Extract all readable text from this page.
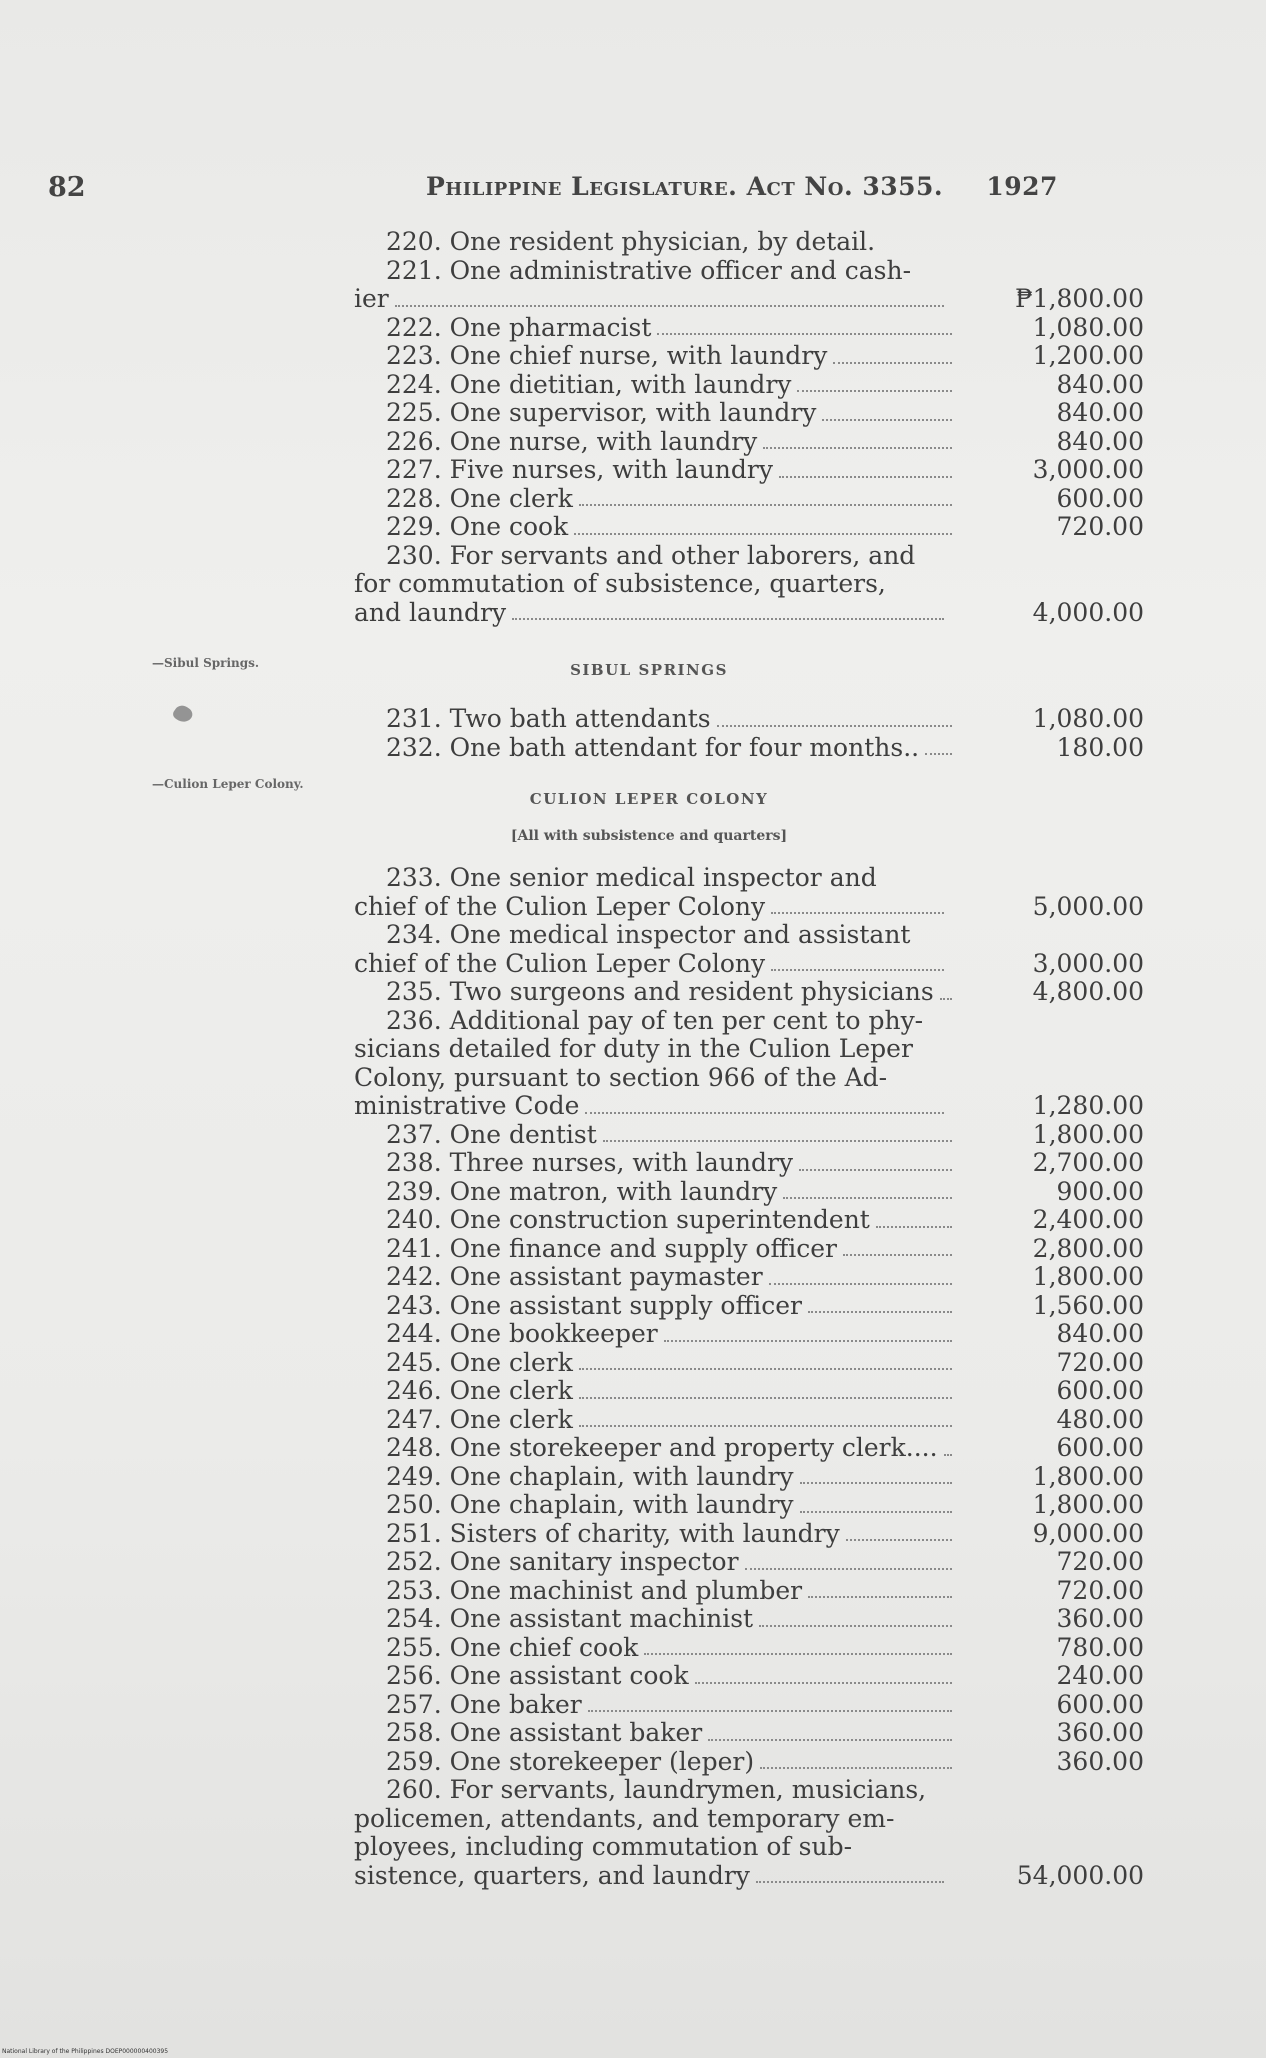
82	Philippine Legislature. Act No. 3355. 1927
—Sibul Springs.
—Culion Leper Colony.
220. One resident physician, by detail.
221. One administrative officer and cash-
ier	₱1,800.00
222. One pharmacist	1,080.00
223. One chief nurse, with laundry	1,200.00
224. One dietitian, with laundry	840.00
225. One supervisor, with laundry	840.00
226. One nurse, with laundry	840.00
227. Five nurses, with laundry	3,000.00
228. One clerk	600.00
229. One cook	720.00
230. For servants and other laborers, and
for commutation of subsistence, quarters,
and laundry	4,000.00
SIBUL SPRINGS
231. Two bath attendants	1,080.00
232. One bath attendant for four months..	180.00
CULION LEPER COLONY
[All with subsistence and quarters]
233. One senior medical inspector and
chief of the Culion Leper Colony	5,000.00
234. One medical inspector and assistant
chief of the Culion Leper Colony	3,000.00
235. Two surgeons and resident physicians	4,800.00
236. Additional pay of ten per cent to phy-
sicians detailed for duty in the Culion Leper
Colony, pursuant to section 966 of the Ad-
ministrative Code	1,280.00
237. One dentist	1,800.00
238. Three nurses, with laundry	2,700.00
239. One matron, with laundry	900.00
240. One construction superintendent	2,400.00
241. One finance and supply officer	2,800.00
242. One assistant paymaster	1,800.00
243. One assistant supply officer	1,560.00
244. One bookkeeper	840.00
245. One clerk	720.00
246. One clerk	600.00
247. One clerk	480.00
248. One storekeeper and property clerk....	600.00
249. One chaplain, with laundry	1,800.00
250. One chaplain, with laundry	1,800.00
251. Sisters of charity, with laundry	9,000.00
252. One sanitary inspector	720.00
253. One machinist and plumber	720.00
254. One assistant machinist	360.00
255. One chief cook	780.00
256. One assistant cook	240.00
257. One baker	600.00
258. One assistant baker	360.00
259. One storekeeper (leper)	360.00
260. For servants, laundrymen, musicians,
policemen, attendants, and temporary em-
ployees, including commutation of sub-
sistence, quarters, and laundry	54,000.00
National Library of the Philippines DOEP000000400395
